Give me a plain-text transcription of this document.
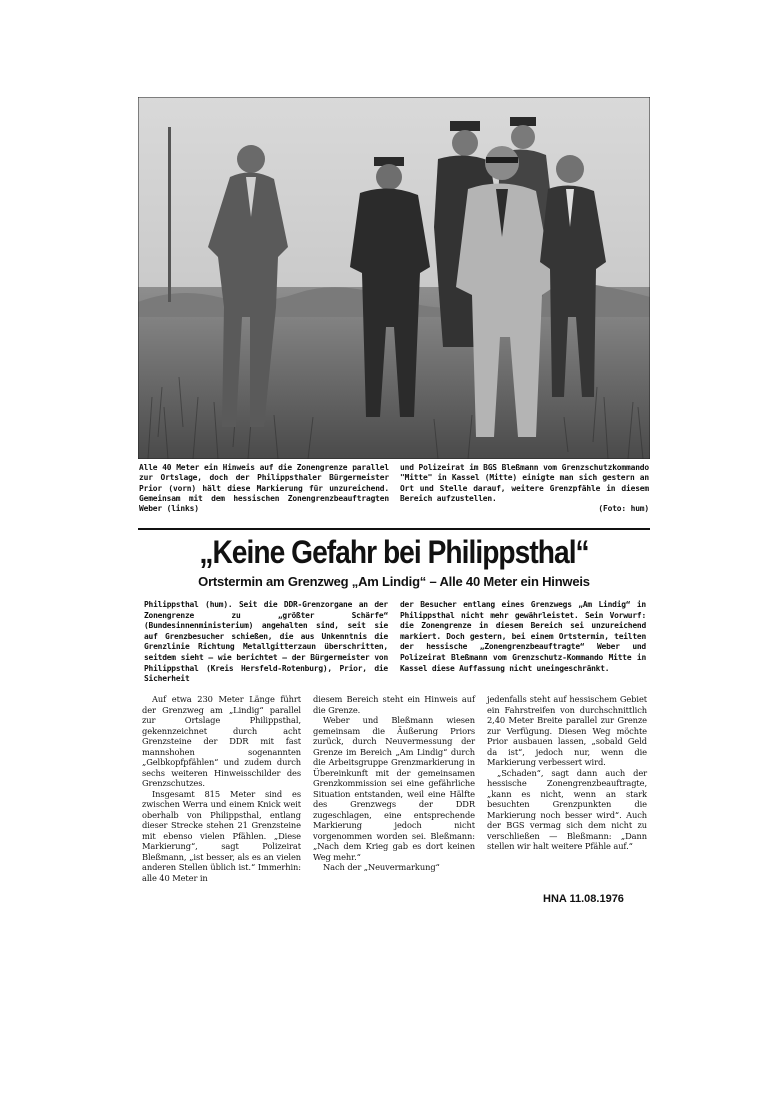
Alle 40 Meter ein Hinweis auf die Zonengrenze parallel zur Ortslage, doch der Philippsthaler Bürgermeister Prior (vorn) hält diese Markierung für unzureichend. Gemeinsam mit dem hessischen Zonengrenzbeauftragten Weber (links)
und Polizeirat im BGS Bleßmann vom Grenzschutzkommando "Mitte" in Kassel (Mitte) einigte man sich gestern an Ort und Stelle darauf, weitere Grenzpfähle in diesem Bereich aufzustellen.
(Foto: hum)
„Keine Gefahr bei Philippsthal“
Ortstermin am Grenzweg „Am Lindig“ – Alle 40 Meter ein Hinweis
Philippsthal (hum). Seit die DDR-Grenzorgane an der Zonengrenze zu „größter Schärfe“ (Bundesinnenministerium) angehalten sind, seit sie auf Grenzbesucher schießen, die aus Unkenntnis die Grenzlinie Richtung Metallgitterzaun überschritten, seitdem sieht — wie berichtet — der Bürgermeister von Philippsthal (Kreis Hersfeld-Rotenburg), Prior, die Sicherheit
der Besucher entlang eines Grenzwegs „Am Lindig“ in Philippsthal nicht mehr gewährleistet. Sein Vorwurf: die Zonengrenze in diesem Bereich sei unzureichend markiert. Doch gestern, bei einem Ortstermin, teilten der hessische „Zonengrenzbeauftragte“ Weber und Polizeirat Bleßmann vom Grenzschutz-Kommando Mitte in Kassel diese Auffassung nicht uneingeschränkt.

Auf etwa 230 Meter Länge führt der Grenzweg am „Lindig“ parallel zur Ortslage Philippsthal, gekennzeichnet durch acht Grenzsteine der DDR mit fast mannshohen sogenannten „Gelbkopfpfählen“ und zudem durch sechs weiteren Hinweisschilder des Grenzschutzes.

Insgesamt 815 Meter sind es zwischen Werra und einem Knick weit oberhalb von Philippsthal, entlang dieser Strecke stehen 21 Grenzsteine mit ebenso vielen Pfählen. „Diese Markierung“, sagt Polizeirat Bleßmann, „ist besser, als es an vielen anderen Stellen üblich ist.“ Immerhin: alle 40 Meter in

diesem Bereich steht ein Hinweis auf die Grenze.

Weber und Bleßmann wiesen gemeinsam die Äußerung Priors zurück, durch Neuvermessung der Grenze im Bereich „Am Lindig“ durch die Arbeitsgruppe Grenzmarkierung in Übereinkunft mit der gemeinsamen Grenzkommission sei eine gefährliche Situation entstanden, weil eine Hälfte des Grenzwegs der DDR zugeschlagen, eine entsprechende Markierung jedoch nicht vorgenommen worden sei. Bleßmann: „Nach dem Krieg gab es dort keinen Weg mehr.“

Nach der „Neuvermarkung“

jedenfalls steht auf hessischem Gebiet ein Fahrstreifen von durchschnittlich 2,40 Meter Breite parallel zur Grenze zur Verfügung. Diesen Weg möchte Prior ausbauen lassen, „sobald Geld da ist“, jedoch nur, wenn die Markierung verbessert wird.

„Schaden“, sagt dann auch der hessische Zonengrenzbeauftragte, „kann es nicht, wenn an stark besuchten Grenzpunkten die Markierung noch besser wird“. Auch der BGS vermag sich dem nicht zu verschließen — Bleßmann: „Dann stellen wir halt weitere Pfähle auf.“

HNA 11.08.1976
